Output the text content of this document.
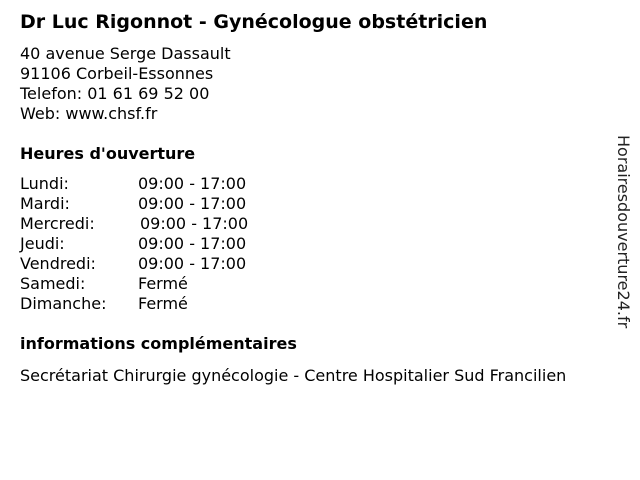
Dr Luc Rigonnot - Gynécologue obstétricien
40 avenue Serge Dassault
91106 Corbeil-Essonnes
Telefon: 01 61 69 52 00
Web: www.chsf.fr
Heures d'ouverture
Lundi:	09:00 - 17:00
Mardi:	09:00 - 17:00
Mercredi:	09:00 - 17:00
Jeudi:	09:00 - 17:00
Vendredi:	09:00 - 17:00
Samedi:	Fermé
Dimanche: Fermé
informations complémentaires
Secrétariat Chirurgie gynécologie - Centre Hospitalier Sud Francilien
Horairesdouverture24.fr
